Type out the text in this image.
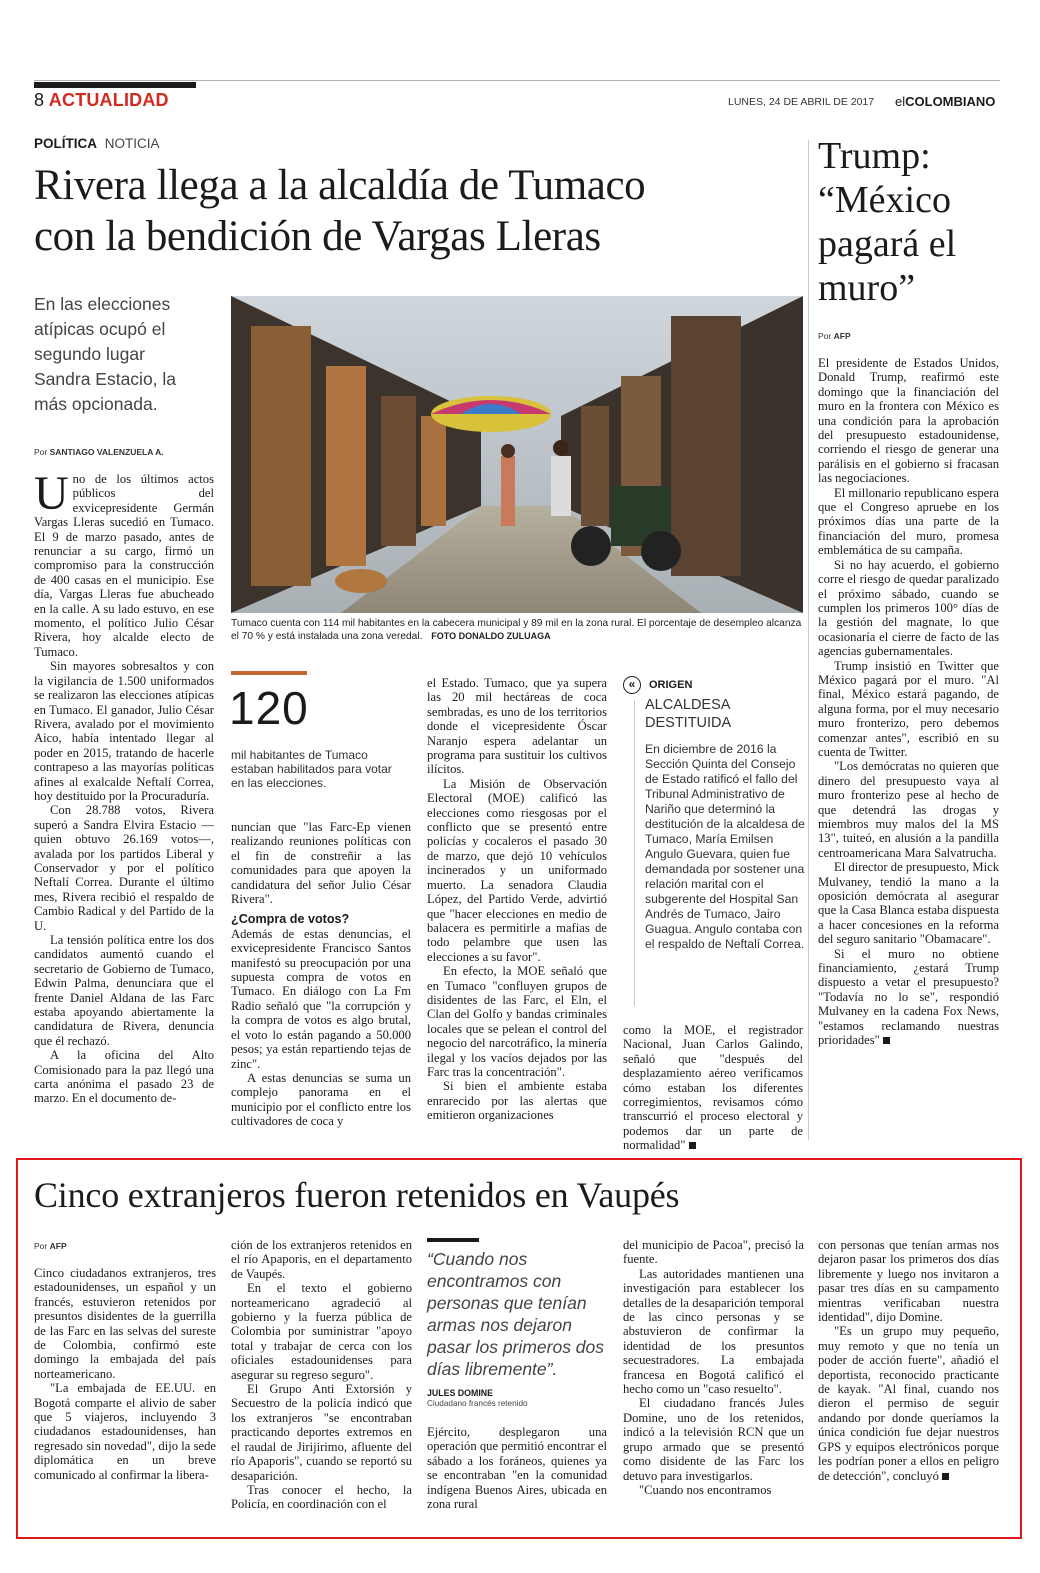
8 ACTUALIDAD	LUNES, 24 DE ABRIL DE 2017 elCOLOMBIANO
POLÍTICA NOTICIA
Rivera llega a la alcaldía de Tumaco
con la bendición de Vargas Lleras
En las elecciones atípicas ocupó el segundo lugar Sandra Estacio, la más opcionada.
Por SANTIAGO VALENZUELA A.
Tumaco cuenta con 114 mil habitantes en la cabecera municipal y 89 mil en la zona rural. El porcentaje de desempleo alcanza el 70 % y está instalada una zona veredal. FOTO DONALDO ZULUAGA

Uno de los últimos actos públicos del exvicepresidente Germán Vargas Lleras sucedió en Tumaco. El 9 de marzo pasado, antes de renunciar a su cargo, firmó un compromiso para la construcción de 400 casas en el municipio. Ese día, Vargas Lleras fue abucheado en la calle. A su lado estuvo, en ese momento, el político Julio César Rivera, hoy alcalde electo de Tumaco.

Sin mayores sobresaltos y con la vigilancia de 1.500 uniformados se realizaron las elecciones atípicas en Tumaco. El ganador, Julio César Rivera, avalado por el movimiento Aico, había intentado llegar al poder en 2015, tratando de hacerle contrapeso a las mayorías políticas afines al exalcalde Neftalí Correa, hoy destituido por la Procuraduría.

Con 28.788 votos, Rivera superó a Sandra Elvira Estacio —quien obtuvo 26.169 votos—, avalada por los partidos Liberal y Conservador y por el político Neftalí Correa. Durante el último mes, Rivera recibió el respaldo de Cambio Radical y del Partido de la U.

La tensión política entre los dos candidatos aumentó cuando el secretario de Gobierno de Tumaco, Edwin Palma, denunciara que el frente Daniel Aldana de las Farc estaba apoyando abiertamente la candidatura de Rivera, denuncia que él rechazó.

A la oficina del Alto Comisionado para la paz llegó una carta anónima el pasado 23 de marzo. En el documento de-

120
mil habitantes de Tumaco estaban habilitados para votar en las elecciones.

nuncian que "las Farc-Ep vienen realizando reuniones políticas con el fin de constreñir a las comunidades para que apoyen la candidatura del señor Julio César Rivera".

¿Compra de votos?

Además de estas denuncias, el exvicepresidente Francisco Santos manifestó su preocupación por una supuesta compra de votos en Tumaco. En diálogo con La Fm Radio señaló que "la corrupción y la compra de votos es algo brutal, el voto lo están pagando a 50.000 pesos; ya están repartiendo tejas de zinc".

A estas denuncias se suma un complejo panorama en el municipio por el conflicto entre los cultivadores de coca y

el Estado. Tumaco, que ya supera las 20 mil hectáreas de coca sembradas, es uno de los territorios donde el vicepresidente Óscar Naranjo espera adelantar un programa para sustituir los cultivos ilícitos.

La Misión de Observación Electoral (MOE) calificó las elecciones como riesgosas por el conflicto que se presentó entre policías y cocaleros el pasado 30 de marzo, que dejó 10 vehículos incinerados y un uniformado muerto. La senadora Claudia López, del Partido Verde, advirtió que "hacer elecciones en medio de balacera es permitirle a mafias de todo pelambre que usen las elecciones a su favor".

En efecto, la MOE señaló que en Tumaco "confluyen grupos de disidentes de las Farc, el Eln, el Clan del Golfo y bandas criminales locales que se pelean el control del negocio del narcotráfico, la minería ilegal y los vacíos dejados por las Farc tras la concentración".

Si bien el ambiente estaba enrarecido por las alertas que emitieron organizaciones

« ORIGEN
ALCALDESA
DESTITUIDA
En diciembre de 2016 la Sección Quinta del Consejo de Estado ratificó el fallo del Tribunal Administrativo de Nariño que determinó la destitución de la alcaldesa de Tumaco, María Emilsen Angulo Guevara, quien fue demandada por sostener una relación marital con el subgerente del Hospital San Andrés de Tumaco, Jairo Guagua. Angulo contaba con el respaldo de Neftalí Correa.

como la MOE, el registrador Nacional, Juan Carlos Galindo, señaló que "después del desplazamiento aéreo verificamos cómo estaban los diferentes corregimientos, revisamos cómo transcurrió el proceso electoral y podemos dar un parte de normalidad"

Trump:
“México
pagará el
muro”
Por AFP

El presidente de Estados Unidos, Donald Trump, reafirmó este domingo que la financiación del muro en la frontera con México es una condición para la aprobación del presupuesto estadounidense, corriendo el riesgo de generar una parálisis en el gobierno si fracasan las negociaciones.

El millonario republicano espera que el Congreso apruebe en los próximos días una parte de la financiación del muro, promesa emblemática de su campaña.

Si no hay acuerdo, el gobierno corre el riesgo de quedar paralizado el próximo sábado, cuando se cumplen los primeros 100° días de la gestión del magnate, lo que ocasionaría el cierre de facto de las agencias gubernamentales.

Trump insistió en Twitter que México pagará por el muro. "Al final, México estará pagando, de alguna forma, por el muy necesario muro fronterizo, pero debemos comenzar antes", escribió en su cuenta de Twitter.

"Los demócratas no quieren que dinero del presupuesto vaya al muro fronterizo pese al hecho de que detendrá las drogas y miembros muy malos del la MS 13", tuiteó, en alusión a la pandilla centroamericana Mara Salvatrucha.

El director de presupuesto, Mick Mulvaney, tendió la mano a la oposición demócrata al asegurar que la Casa Blanca estaba dispuesta a hacer concesiones en la reforma del seguro sanitario "Obamacare".

Si el muro no obtiene financiamiento, ¿estará Trump dispuesto a vetar el presupuesto? "Todavía no lo se", respondió Mulvaney en la cadena Fox News, "estamos reclamando nuestras prioridades"

Cinco extranjeros fueron retenidos en Vaupés
Por AFP

Cinco ciudadanos extranjeros, tres estadounidenses, un español y un francés, estuvieron retenidos por presuntos disidentes de la guerrilla de las Farc en las selvas del sureste de Colombia, confirmó este domingo la embajada del país norteamericano.

"La embajada de EE.UU. en Bogotá comparte el alivio de saber que 5 viajeros, incluyendo 3 ciudadanos estadounidenses, han regresado sin novedad", dijo la sede diplomática en un breve comunicado al confirmar la libera-

ción de los extranjeros retenidos en el río Apaporis, en el departamento de Vaupés.

En el texto el gobierno norteamericano agradeció al gobierno y la fuerza pública de Colombia por suministrar "apoyo total y trabajar de cerca con los oficiales estadounidenses para asegurar su regreso seguro".

El Grupo Anti Extorsión y Secuestro de la policía indicó que los extranjeros "se encontraban practicando deportes extremos en el raudal de Jirijirimo, afluente del río Apaporis", cuando se reportó su desaparición.

Tras conocer el hecho, la Policía, en coordinación con el

“Cuando nos encontramos con personas que tenían armas nos dejaron pasar los primeros dos días libremente”.
JULES DOMINE
Ciudadano francés retenido

Ejército, desplegaron una operación que permitió encontrar el sábado a los foráneos, quienes ya se encontraban "en la comunidad indígena Buenos Aires, ubicada en zona rural

del municipio de Pacoa", precisó la fuente.

Las autoridades mantienen una investigación para establecer los detalles de la desaparición temporal de las cinco personas y se abstuvieron de confirmar la identidad de los presuntos secuestradores. La embajada francesa en Bogotá calificó el hecho como un "caso resuelto".

El ciudadano francés Jules Domine, uno de los retenidos, indicó a la televisión RCN que un grupo armado que se presentó como disidente de las Farc los detuvo para investigarlos.

"Cuando nos encontramos

con personas que tenían armas nos dejaron pasar los primeros dos días libremente y luego nos invitaron a pasar tres días en su campamento mientras verificaban nuestra identidad", dijo Domine.

"Es un grupo muy pequeño, muy remoto y que no tenía un poder de acción fuerte", añadió el deportista, reconocido practicante de kayak. "Al final, cuando nos dieron el permiso de seguir andando por donde queríamos la única condición fue dejar nuestros GPS y equipos electrónicos porque les podrían poner a ellos en peligro de detección", concluyó
